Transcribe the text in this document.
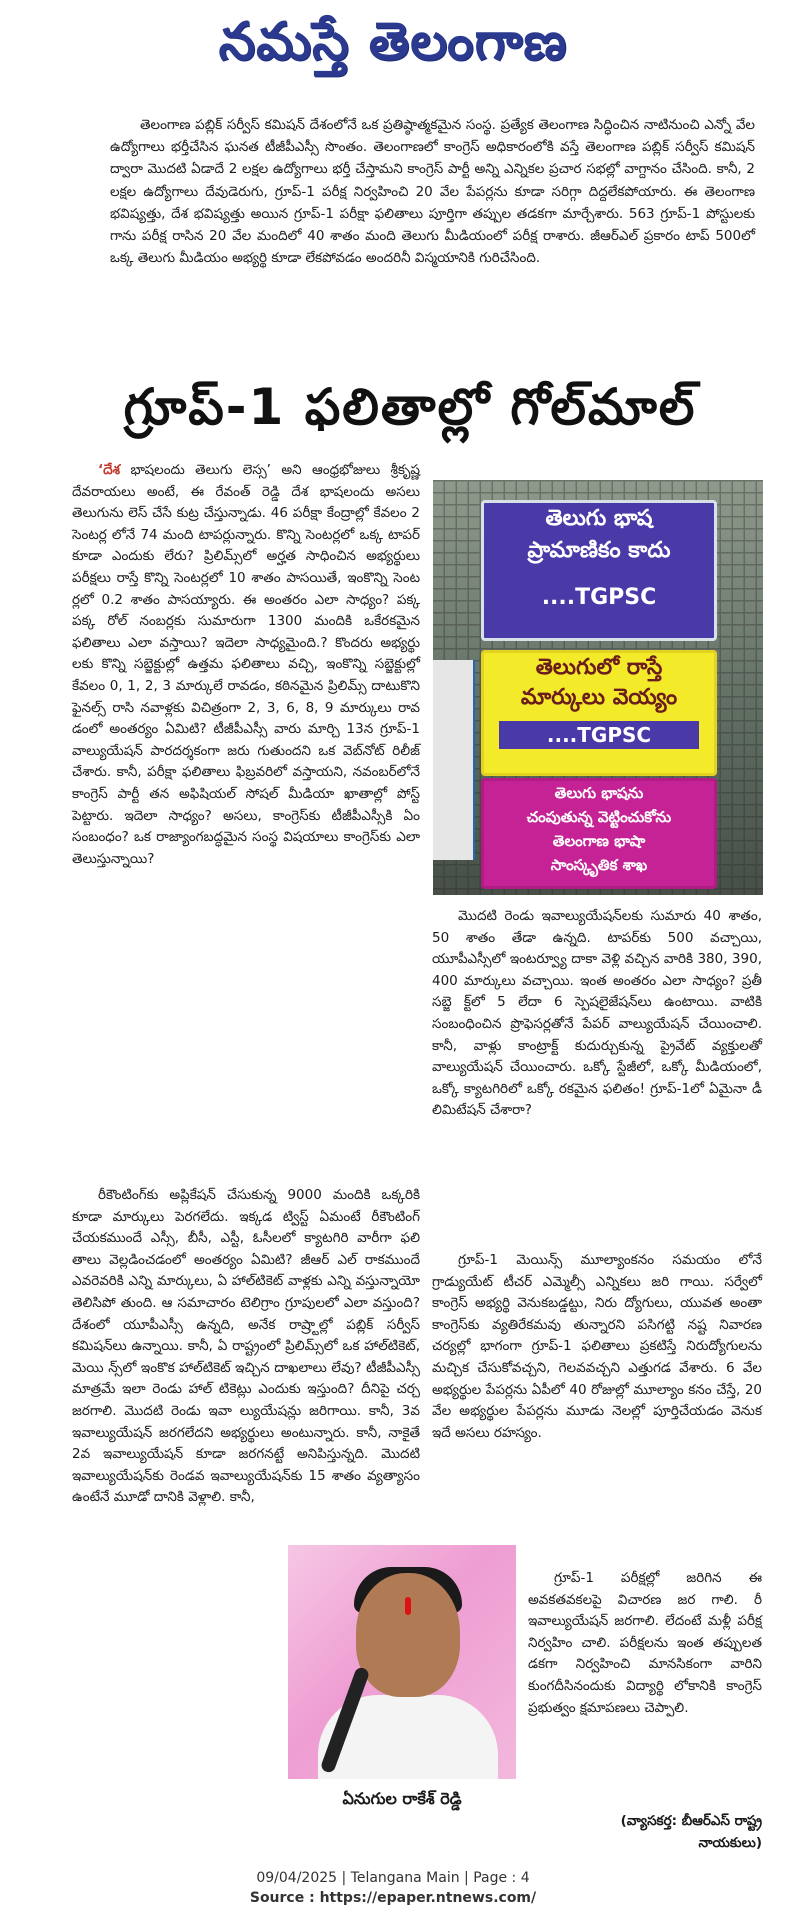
నమస్తే తెలంగాణ

తెలంగాణ పబ్లిక్ సర్వీస్ కమిషన్ దేశంలోనే ఒక ప్రతిష్ఠాత్మకమైన సంస్థ. ప్రత్యేక తెలంగాణ సిద్ధించిన నాటినుంచి ఎన్నో వేల ఉద్యోగాలు భర్తీచేసిన ఘనత టీజీపీఎస్సీ సొంతం. తెలంగాణలో కాంగ్రెస్ అధికారంలోకి వస్తే తెలంగాణ పబ్లిక్ సర్వీస్ కమిషన్ ద్వారా మొదటి ఏడాదే 2 లక్షల ఉద్యోగాలు భర్తీ చేస్తామని కాంగ్రెస్ పార్టీ అన్ని ఎన్నికల ప్రచార సభల్లో వాగ్దానం చేసింది. కానీ, 2 లక్షల ఉద్యోగాలు దేవుడెరుగు, గ్రూప్-1 పరీక్ష నిర్వహించి 20 వేల పేపర్లను కూడా సరిగ్గా దిద్దలేకపోయారు. ఈ తెలంగాణ భవిష్యత్తు, దేశ భవిష్యత్తు అయిన గ్రూప్-1 పరీక్షా ఫలితాలు పూర్తిగా తప్పుల తడకగా మార్చేశారు. 563 గ్రూప్-1 పోస్టులకు గాను పరీక్ష రాసిన 20 వేల మందిలో 40 శాతం మంది తెలుగు మీడియంలో పరీక్ష రాశారు. జీఆర్ఎల్ ప్రకారం టాప్ 500లో ఒక్క తెలుగు మీడియం అభ్యర్థి కూడా లేకపోవడం అందరినీ విస్మయానికి గురిచేసింది.

గ్రూప్-1 ఫలితాల్లో గోల్‌మాల్

‘దేశ భాషలందు తెలుగు లెస్స’ అని ఆంధ్రభోజులు శ్రీకృష్ణ దేవరాయలు అంటే, ఈ రేవంత్ రెడ్డి దేశ భాషలందు అసలు తెలుగును లెస్ చేసే కుట్ర చేస్తున్నాడు. 46 పరీక్షా కేంద్రాల్లో కేవలం 2 సెంటర్ల లోనే 74 మంది టాపర్లున్నారు. కొన్ని సెంటర్లలో ఒక్క టాపర్ కూడా ఎందుకు లేరు? ప్రిలిమ్స్‌లో అర్హత సాధించిన అభ్యర్థులు పరీక్షలు రాస్తే కొన్ని సెంటర్లలో 10 శాతం పాసయితే, ఇంకొన్ని సెంట ర్లలో 0.2 శాతం పాసయ్యారు. ఈ అంతరం ఎలా సాధ్యం? పక్క పక్క రోల్ నంబర్లకు సుమారుగా 1300 మందికి ఒకేరకమైన ఫలితాలు ఎలా వస్తాయి? ఇదెలా సాధ్యమైంది.? కొందరు అభ్యర్థు లకు కొన్ని సబ్జెక్టుల్లో ఉత్తమ ఫలితాలు వచ్చి, ఇంకొన్ని సబ్జెక్టుల్లో కేవలం 0, 1, 2, 3 మార్కులే రావడం, కఠినమైన ప్రిలిమ్స్ దాటుకొని ఫైనల్స్ రాసి నవాళ్లకు విచిత్రంగా 2, 3, 6, 8, 9 మార్కులు రావ డంలో అంతర్యం ఏమిటి? టీజీపీఎస్సీ వారు మార్చి 13న గ్రూప్-1 వాల్యుయేషన్ పారదర్శకంగా జరు గుతుందని ఒక వెబ్‌నోట్ రిలీజ్ చేశారు. కానీ, పరీక్షా ఫలితాలు ఫిబ్రవరిలో వస్తాయని, నవంబర్‌లోనే కాంగ్రెస్ పార్టీ తన అఫిషియల్ సోషల్ మీడియా ఖాతాల్లో పోస్ట్ పెట్టారు. ఇదెలా సాధ్యం? అసలు, కాంగ్రెస్‌కు టీజీపీఎస్సీకి ఏం సంబంధం? ఒక రాజ్యాంగబద్ధమైన సంస్థ విషయాలు కాంగ్రెస్‌కు ఎలా తెలుస్తున్నాయి?

తెలుగు భాష
ప్రామాణికం కాదు
....TGPSC
తెలుగులో రాస్తే
మార్కులు వెయ్యం
....TGPSC
తెలుగు భాషను
చంపుతున్న వెట్టించుకోను
తెలంగాణ భాషా
సాంస్కృతిక శాఖ

మొదటి రెండు ఇవాల్యుయేషన్‌లకు సుమారు 40 శాతం, 50 శాతం తేడా ఉన్నది. టాపర్‌కు 500 వచ్చాయి, యూపీఎస్సీలో ఇంటర్వ్యూ దాకా వెళ్లి వచ్చిన వారికి 380, 390, 400 మార్కులు వచ్చాయి. ఇంత అంతరం ఎలా సాధ్యం? ప్రతీ సబ్జె క్ట్‌లో 5 లేదా 6 స్పెషలైజేషన్‌లు ఉంటాయి. వాటికి సంబంధించిన ప్రొఫెసర్లతోనే పేపర్ వాల్యుయేషన్ చేయించాలి. కానీ, వాళ్లు కాంట్రాక్ట్ కుదుర్చుకున్న ప్రైవేట్ వ్యక్తులతో వాల్యుయేషన్ చేయించారు. ఒక్కో స్టేజీలో, ఒక్కో మీడియంలో, ఒక్కో క్యాటగిరిలో ఒక్కో రకమైన ఫలితం! గ్రూప్-1లో ఏమైనా డీ లిమిటేషన్ చేశారా?

రీకౌంటింగ్‌కు అప్లికేషన్ చేసుకున్న 9000 మందికి ఒక్కరికి కూడా మార్కులు పెరగలేదు. ఇక్కడ ట్విస్ట్ ఏమంటే రీకౌంటింగ్ చేయకముందే ఎస్సీ, బీసీ, ఎస్టీ, ఓసీలలో క్యాటగిరి వారీగా ఫలి తాలు వెల్లడించడంలో అంతర్యం ఏమిటి? జీఆర్ ఎల్ రాకముందే ఎవరెవరికి ఎన్ని మార్కులు, ఏ హాల్‌టికెట్ వాళ్లకు ఎన్ని వస్తున్నాయో తెలిసిపో తుంది. ఆ సమాచారం టెలిగ్రాం గ్రూపులలో ఎలా వస్తుంది? దేశంలో యూపీఎస్సీ ఉన్నది, అనేక రాష్ర్టాల్లో పబ్లిక్ సర్వీస్ కమిషన్‌లు ఉన్నాయి. కానీ, ఏ రాష్ట్రంలో ప్రిలిమ్స్‌లో ఒక హాల్‌టికెట్, మెయి న్స్‌లో ఇంకొక హాల్‌టికెట్ ఇచ్చిన దాఖలాలు లేవు? టీజీపీఎస్సీ మాత్రమే ఇలా రెండు హాల్ టికెట్లు ఎందుకు ఇస్తుంది? దీనిపై చర్చ జరగాలి. మొదటి రెండు ఇవా ల్యుయేషన్లు జరిగాయి. కానీ, 3వ ఇవాల్యుయేషన్ జరగలేదని అభ్యర్థులు అంటున్నారు. కానీ, నాకైతే 2వ ఇవాల్యుయేషన్ కూడా జరగనట్టే అనిపిస్తున్నది. మొదటి ఇవాల్యుయేషన్‌కు రెండవ ఇవాల్యుయేషన్‌కు 15 శాతం వ్యత్యాసం ఉంటేనే మూడో దానికి వెళ్లాలి. కానీ,

గ్రూప్-1 మెయిన్స్ మూల్యాంకనం సమయం లోనే గ్రాడ్యుయేట్ టీచర్ ఎమ్మెల్సీ ఎన్నికలు జరి గాయి. సర్వేలో కాంగ్రెస్ అభ్యర్థి వెనుకబడ్డట్టు, నిరు ద్యోగులు, యువత అంతా కాంగ్రెస్‌కు వ్యతిరేకమవు తున్నారని పసిగట్టి నష్ట నివారణ చర్యల్లో భాగంగా గ్రూప్-1 ఫలితాలు ప్రకటిస్తే నిరుద్యోగులను మచ్చిక చేసుకోవచ్చని, గెలవవచ్చని ఎత్తుగడ వేశారు. 6 వేల అభ్యర్థుల పేపర్లను ఏపీలో 40 రోజుల్లో మూల్యాం కనం చేస్తే, 20 వేల అభ్యర్థుల పేపర్లను మూడు నెలల్లో పూర్తిచేయడం వెనుక ఇదే అసలు రహస్యం.

గ్రూప్-1 పరీక్షల్లో జరిగిన ఈ అవకతవకలపై విచారణ జర గాలి. రీ ఇవాల్యుయేషన్ జరగాలి. లేదంటే మళ్లీ పరీక్ష నిర్వహిం చాలి. పరీక్షలను ఇంత తప్పులత డకగా నిర్వహించి మానసికంగా వారిని కుంగదీసినందుకు విద్యార్థి లోకానికి కాంగ్రెస్ ప్రభుత్వం క్షమాపణలు చెప్పాలి.

ఏనుగుల రాకేశ్ రెడ్డి
(వ్యాసకర్త: బీఆర్ఎస్ రాష్ట్ర
నాయకులు)
09/04/2025 | Telangana Main | Page : 4
Source : https://epaper.ntnews.com/
